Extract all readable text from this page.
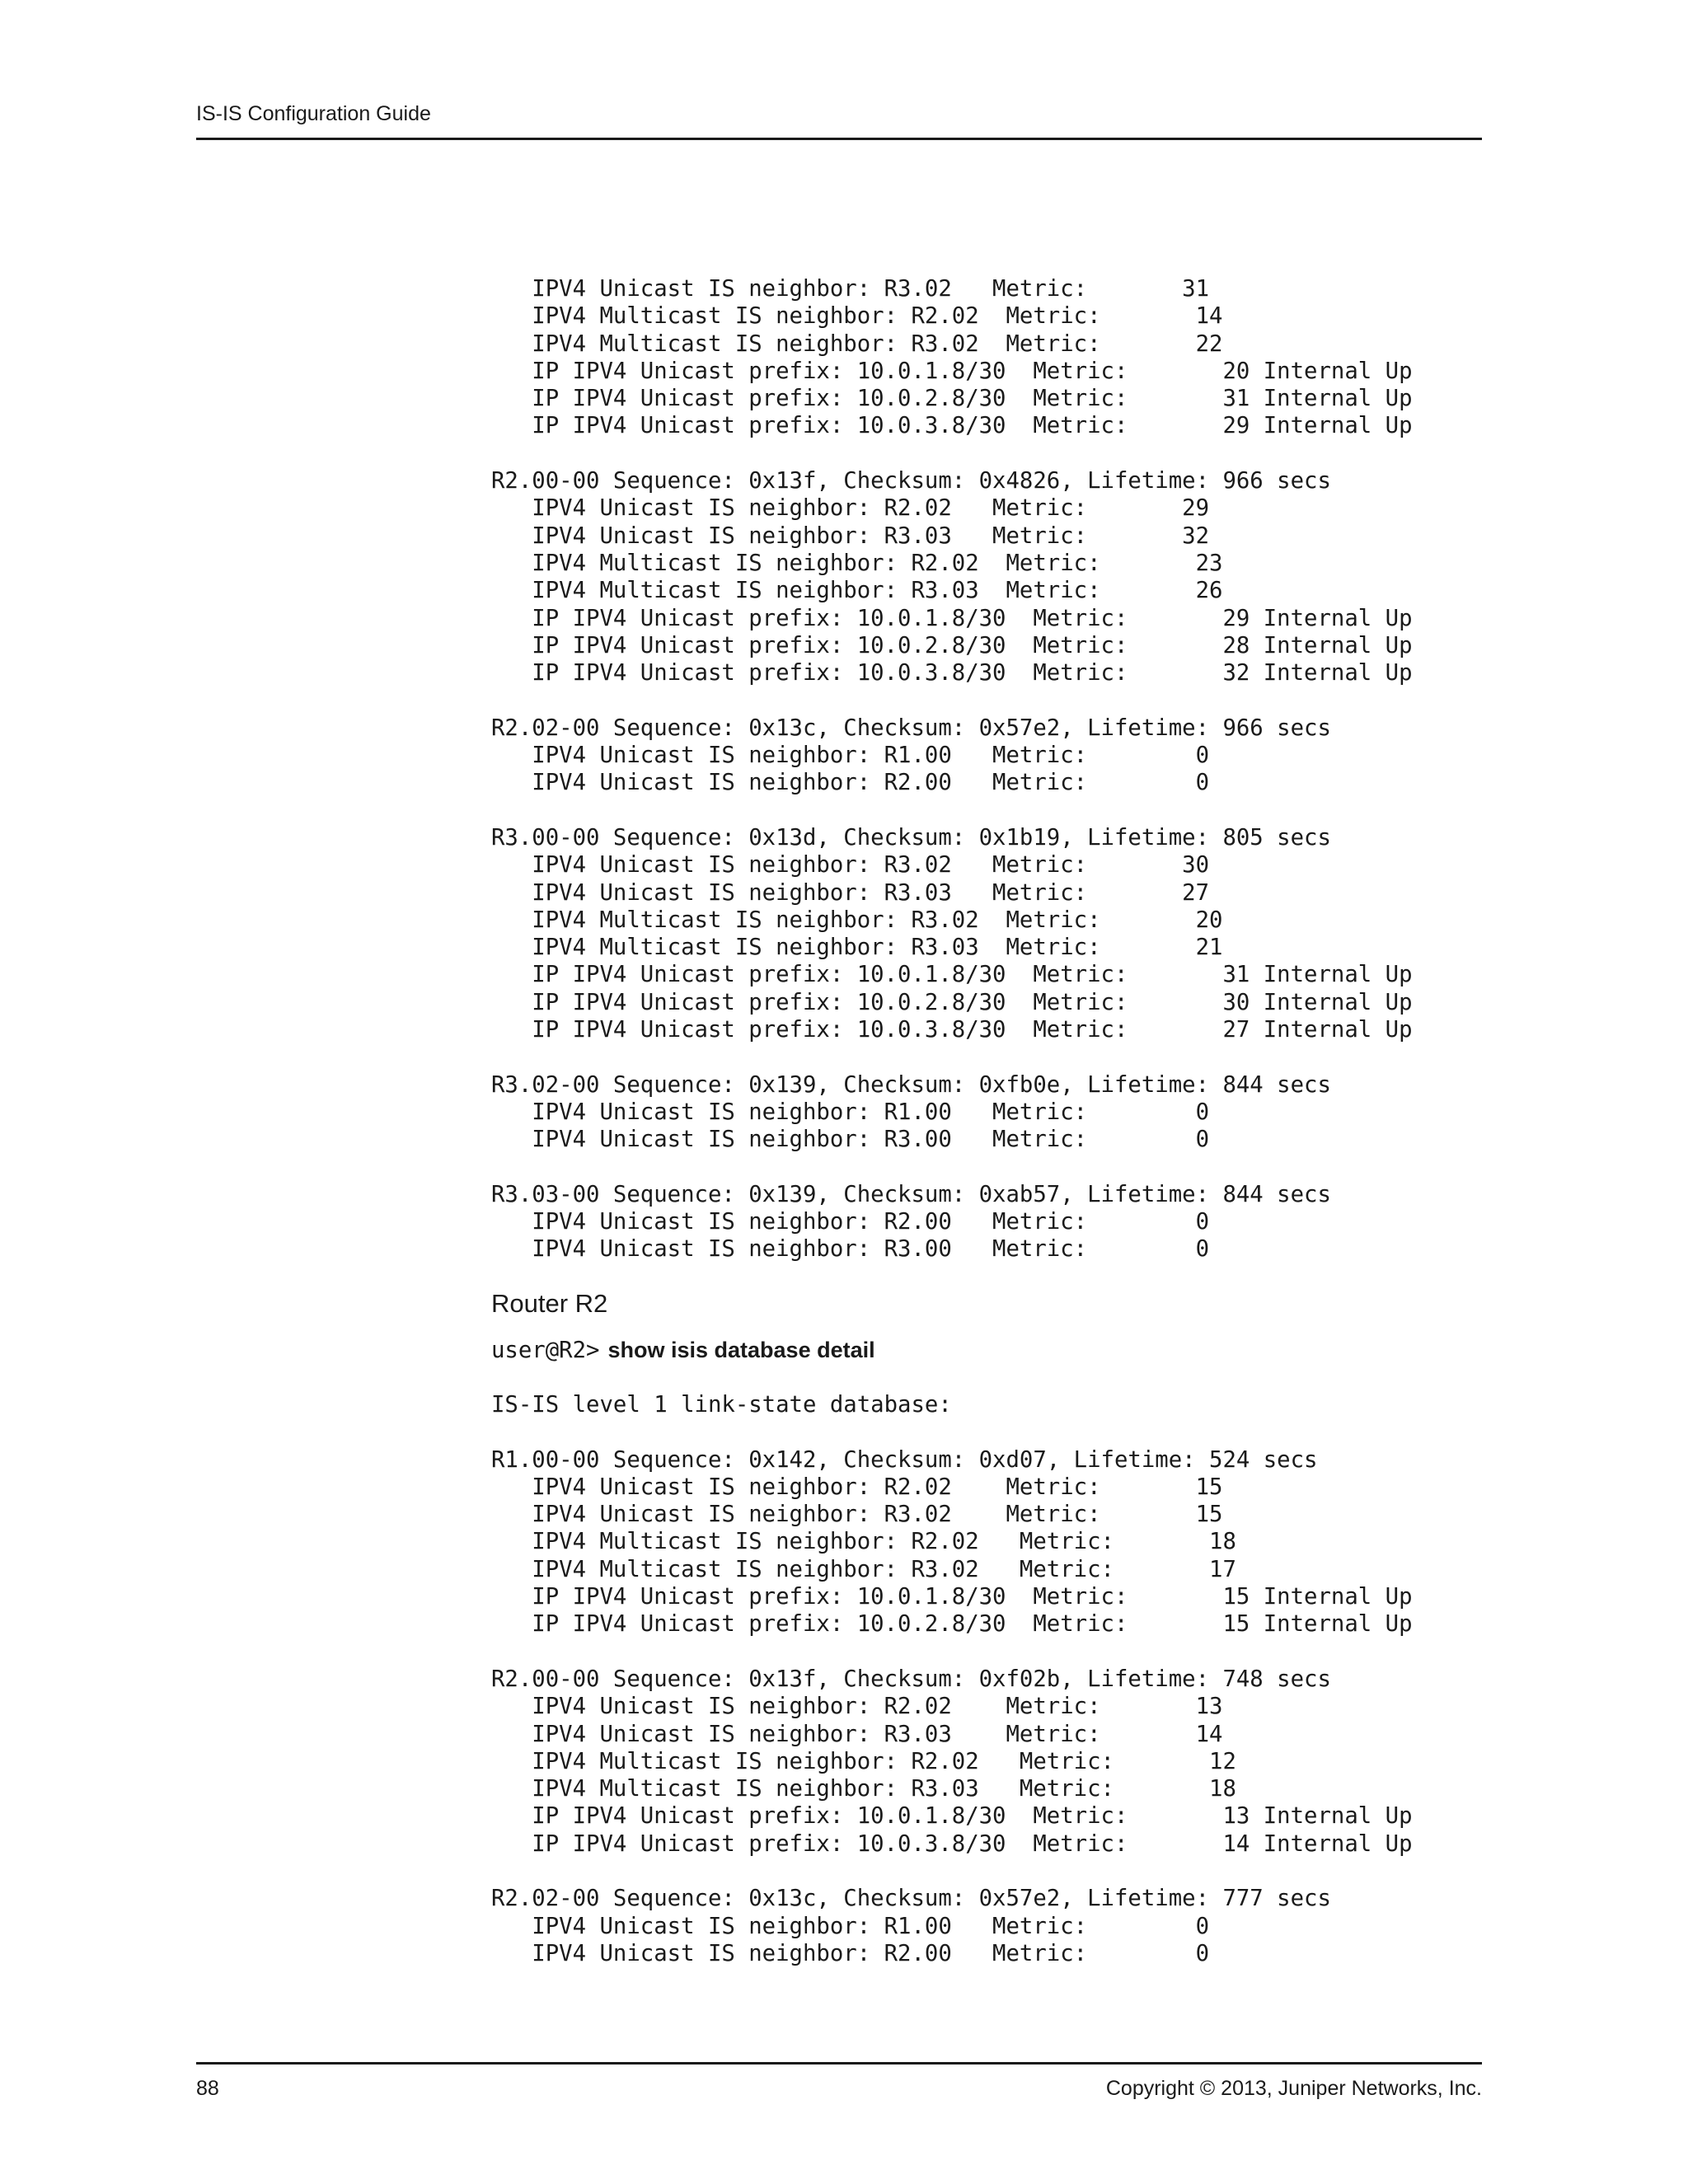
IS-IS Configuration Guide
IPV4 Unicast IS neighbor: R3.02   Metric:       31
IPV4 Multicast IS neighbor: R2.02  Metric:       14
IPV4 Multicast IS neighbor: R3.02  Metric:       22
IP IPV4 Unicast prefix: 10.0.1.8/30  Metric:       20 Internal Up
IP IPV4 Unicast prefix: 10.0.2.8/30  Metric:       31 Internal Up
IP IPV4 Unicast prefix: 10.0.3.8/30  Metric:       29 Internal Up

R2.00-00 Sequence: 0x13f, Checksum: 0x4826, Lifetime: 966 secs
IPV4 Unicast IS neighbor: R2.02   Metric:       29
IPV4 Unicast IS neighbor: R3.03   Metric:       32
IPV4 Multicast IS neighbor: R2.02  Metric:       23
IPV4 Multicast IS neighbor: R3.03  Metric:       26
IP IPV4 Unicast prefix: 10.0.1.8/30  Metric:       29 Internal Up
IP IPV4 Unicast prefix: 10.0.2.8/30  Metric:       28 Internal Up
IP IPV4 Unicast prefix: 10.0.3.8/30  Metric:       32 Internal Up

R2.02-00 Sequence: 0x13c, Checksum: 0x57e2, Lifetime: 966 secs
IPV4 Unicast IS neighbor: R1.00   Metric:        0
IPV4 Unicast IS neighbor: R2.00   Metric:        0

R3.00-00 Sequence: 0x13d, Checksum: 0x1b19, Lifetime: 805 secs
IPV4 Unicast IS neighbor: R3.02   Metric:       30
IPV4 Unicast IS neighbor: R3.03   Metric:       27
IPV4 Multicast IS neighbor: R3.02  Metric:       20
IPV4 Multicast IS neighbor: R3.03  Metric:       21
IP IPV4 Unicast prefix: 10.0.1.8/30  Metric:       31 Internal Up
IP IPV4 Unicast prefix: 10.0.2.8/30  Metric:       30 Internal Up
IP IPV4 Unicast prefix: 10.0.3.8/30  Metric:       27 Internal Up

R3.02-00 Sequence: 0x139, Checksum: 0xfb0e, Lifetime: 844 secs
IPV4 Unicast IS neighbor: R1.00   Metric:        0
IPV4 Unicast IS neighbor: R3.00   Metric:        0

R3.03-00 Sequence: 0x139, Checksum: 0xab57, Lifetime: 844 secs
IPV4 Unicast IS neighbor: R2.00   Metric:        0
IPV4 Unicast IS neighbor: R3.00   Metric:        0
Router R2
user@R2> show isis database detail
IS-IS level 1 link-state database:

R1.00-00 Sequence: 0x142, Checksum: 0xd07, Lifetime: 524 secs
IPV4 Unicast IS neighbor: R2.02    Metric:       15
IPV4 Unicast IS neighbor: R3.02    Metric:       15
IPV4 Multicast IS neighbor: R2.02   Metric:       18
IPV4 Multicast IS neighbor: R3.02   Metric:       17
IP IPV4 Unicast prefix: 10.0.1.8/30  Metric:       15 Internal Up
IP IPV4 Unicast prefix: 10.0.2.8/30  Metric:       15 Internal Up

R2.00-00 Sequence: 0x13f, Checksum: 0xf02b, Lifetime: 748 secs
IPV4 Unicast IS neighbor: R2.02    Metric:       13
IPV4 Unicast IS neighbor: R3.03    Metric:       14
IPV4 Multicast IS neighbor: R2.02   Metric:       12
IPV4 Multicast IS neighbor: R3.03   Metric:       18
IP IPV4 Unicast prefix: 10.0.1.8/30  Metric:       13 Internal Up
IP IPV4 Unicast prefix: 10.0.3.8/30  Metric:       14 Internal Up

R2.02-00 Sequence: 0x13c, Checksum: 0x57e2, Lifetime: 777 secs
IPV4 Unicast IS neighbor: R1.00   Metric:        0
IPV4 Unicast IS neighbor: R2.00   Metric:        0
88	Copyright © 2013, Juniper Networks, Inc.
